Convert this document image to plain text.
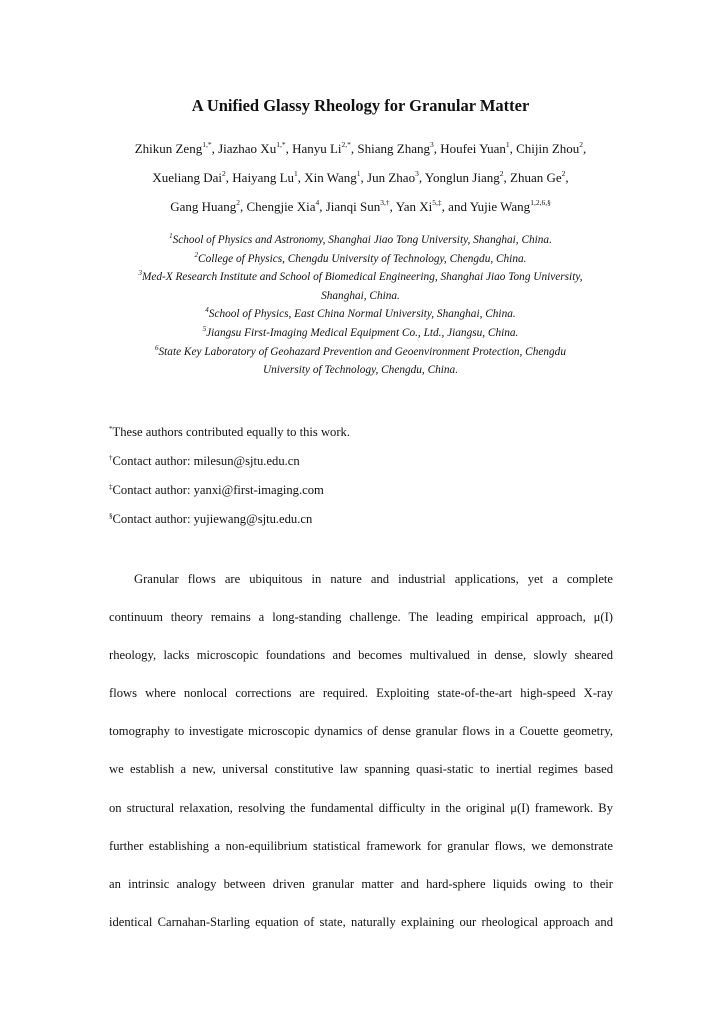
A Unified Glassy Rheology for Granular Matter
Zhikun Zeng$^{1,*}$, Jiazhao $Xu^{1,*}$, Hanyu $Li^{2,*}$, Shiang Zhang$^3$, Houfei Yuan$^1$, Chijin Zhou$^2$,
Xueliang Dai$^2$, Haiyang Lu$^1$, Xin Wang$^1$, Jun Zhao$^3$, Yonglun Jiang$^2$, Zhuan Ge$^2$,
Gang Huang$^2$, Chengjie Xia$^4$, Jianqi Sun$^{3,\dagger}$, Yan $Xi^{5,\ddagger}$, and Yujie Wang$^{1,2,6,\S}$
$^1$School of Physics and Astronomy, Shanghai Jiao Tong University, Shanghai, China.
$^2$College of Physics, Chengdu University of Technology, Chengdu, China.
$^3$Med-X Research Institute and School of Biomedical Engineering, Shanghai Jiao Tong University,
Shanghai, China.
$^4$School of Physics, East China Normal University, Shanghai, China.
$^5$Jiangsu First-Imaging Medical Equipment Co., Ltd., Jiangsu, China.
$^6$State Key Laboratory of Geohazard Prevention and Geoenvironment Protection, Chengdu
University of Technology, Chengdu, China.
*These authors contributed equally to this work.
†Contact author: milesun@sjtu.edu.cn
‡Contact author: yanxi@first-imaging.com
§Contact author: yujiewang@sjtu.edu.cn
Granular flows are ubiquitous in nature and industrial applications, yet a complete
continuum theory remains a long-standing challenge. The leading empirical approach, μ(I)
rheology, lacks microscopic foundations and becomes multivalued in dense, slowly sheared
flows where nonlocal corrections are required. Exploiting state-of-the-art high-speed X-ray
tomography to investigate microscopic dynamics of dense granular flows in a Couette geometry,
we establish a new, universal constitutive law spanning quasi-static to inertial regimes based
on structural relaxation, resolving the fundamental difficulty in the original μ(I) framework. By
further establishing a non-equilibrium statistical framework for granular flows, we demonstrate
an intrinsic analogy between driven granular matter and hard-sphere liquids owing to their
identical Carnahan-Starling equation of state, naturally explaining our rheological approach and
